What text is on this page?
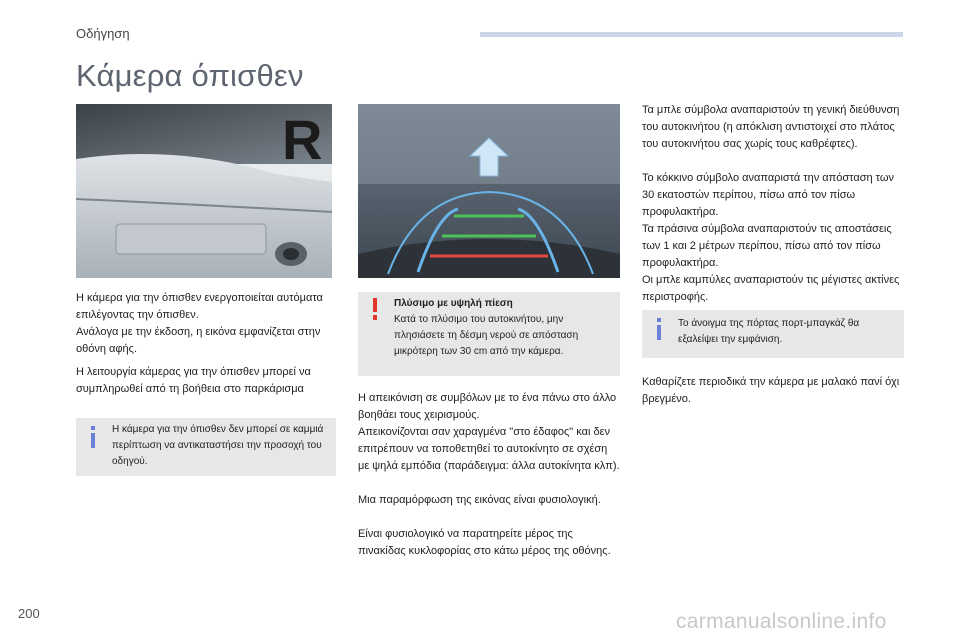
Οδήγηση
Κάμερα όπισθεν
R

Η κάμερα για την όπισθεν ενεργοποιείται αυτόματα επιλέγοντας την όπισθεν.

Ανάλογα με την έκδοση, η εικόνα εμφανίζεται στην οθόνη αφής.

Η λειτουργία κάμερας για την όπισθεν μπορεί να συμπληρωθεί από τη βοήθεια στο παρκάρισμα

Η κάμερα για την όπισθεν δεν μπορεί σε καμμιά περίπτωση να αντικαταστήσει την προσοχή του οδηγού.

Πλύσιμο με υψηλή πίεση

Κατά το πλύσιμο του αυτοκινήτου, μην πλησιάσετε τη δέσμη νερού σε απόσταση μικρότερη των 30 cm από την κάμερα.

Η απεικόνιση σε συμβόλων με το ένα πάνω στο άλλο βοηθάει τους χειρισμούς.

Απεικονίζονται σαν χαραγμένα "στο έδαφος" και δεν επιτρέπουν να τοποθετηθεί το αυτοκίνητο σε σχέση με ψηλά εμπόδια (παράδειγμα: άλλα αυτοκίνητα κλπ).

Μια παραμόρφωση της εικόνας είναι φυσιολογική.

Είναι φυσιολογικό να παρατηρείτε μέρος της πινακίδας κυκλοφορίας στο κάτω μέρος της οθόνης.

Τα μπλε σύμβολα αναπαριστούν τη γενική διεύθυνση του αυτοκινήτου (η απόκλιση αντιστοιχεί στο πλάτος του αυτοκινήτου σας χωρίς τους καθρέφτες).

Το κόκκινο σύμβολο αναπαριστά την απόσταση των 30 εκατοστών περίπου, πίσω από τον πίσω προφυλακτήρα.

Τα πράσινα σύμβολα αναπαριστούν τις αποστάσεις των 1 και 2 μέτρων περίπου, πίσω από τον πίσω προφυλακτήρα.

Οι μπλε καμπύλες αναπαριστούν τις μέγιστες ακτίνες περιστροφής.

Το άνοιγμα της πόρτας πορτ-μπαγκάζ θα εξαλείψει την εμφάνιση.

Καθαρίζετε περιοδικά την κάμερα με μαλακό πανί όχι βρεγμένο.

200	carmanualsonline.info
